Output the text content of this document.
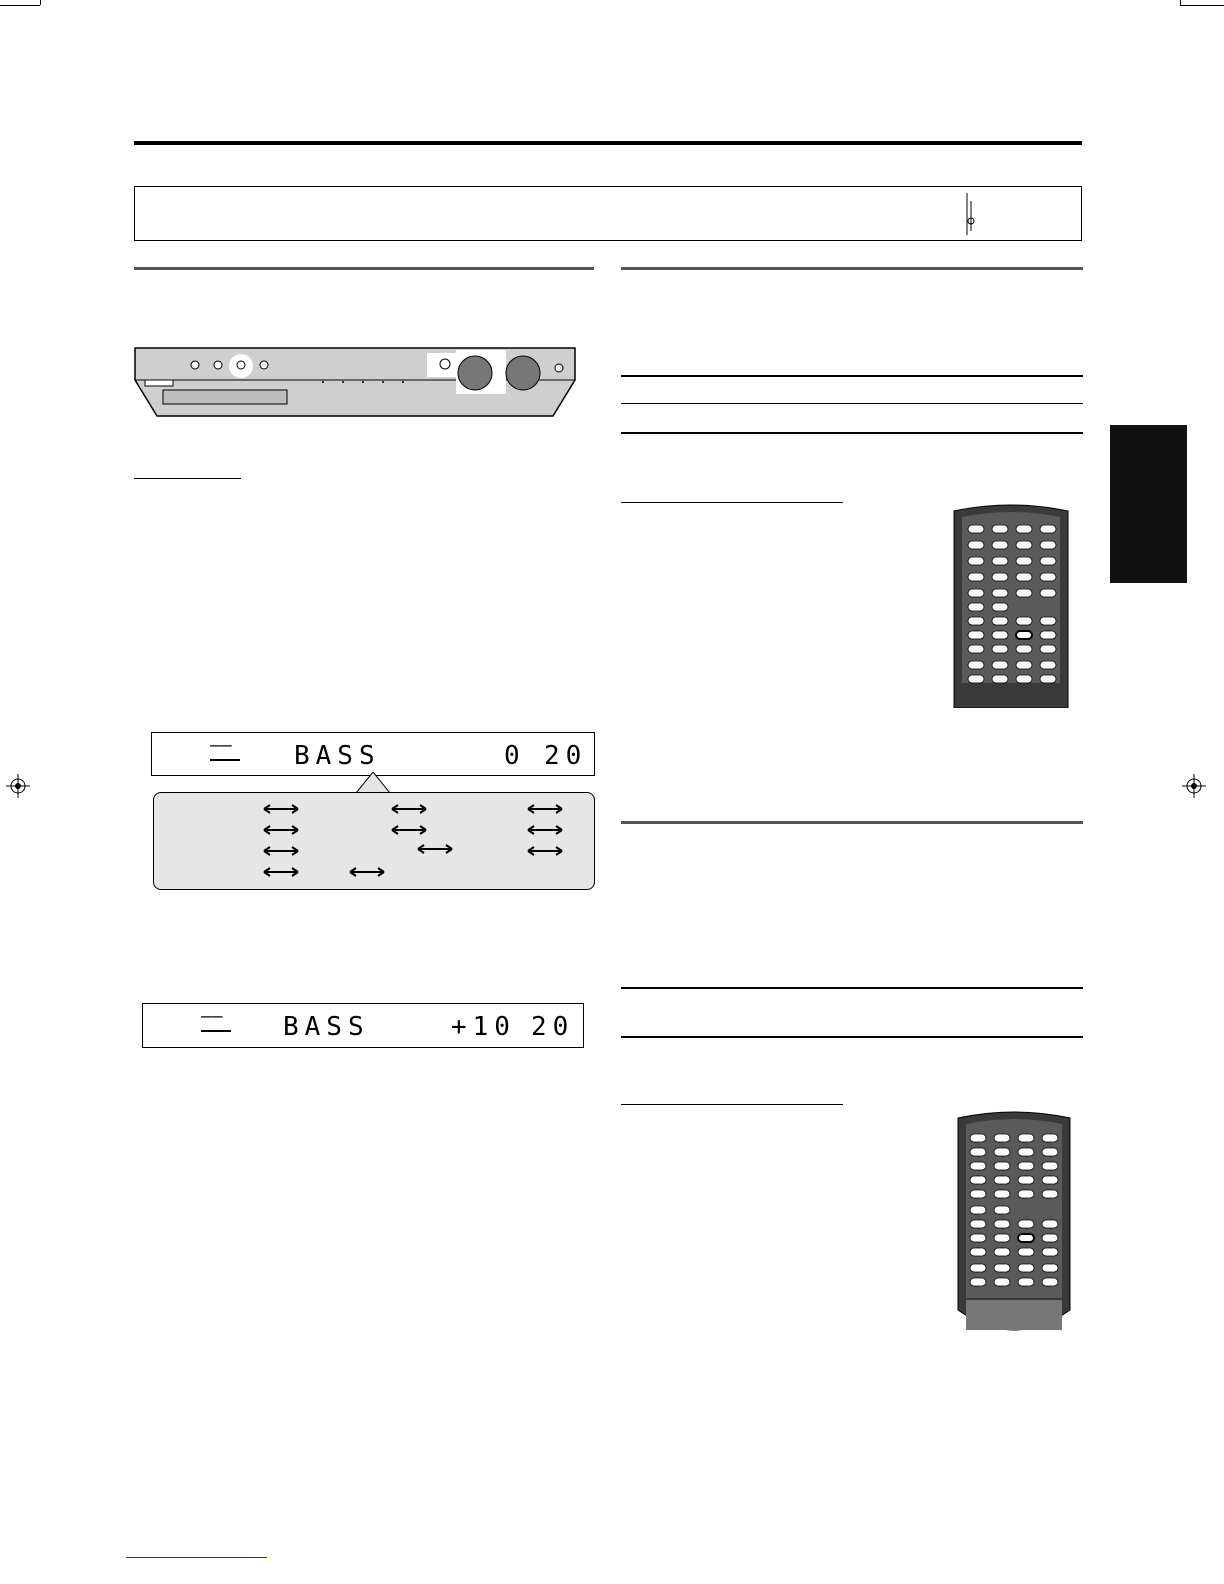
‒‒ BASS	0 20
‒‒ BASS	+10 20
